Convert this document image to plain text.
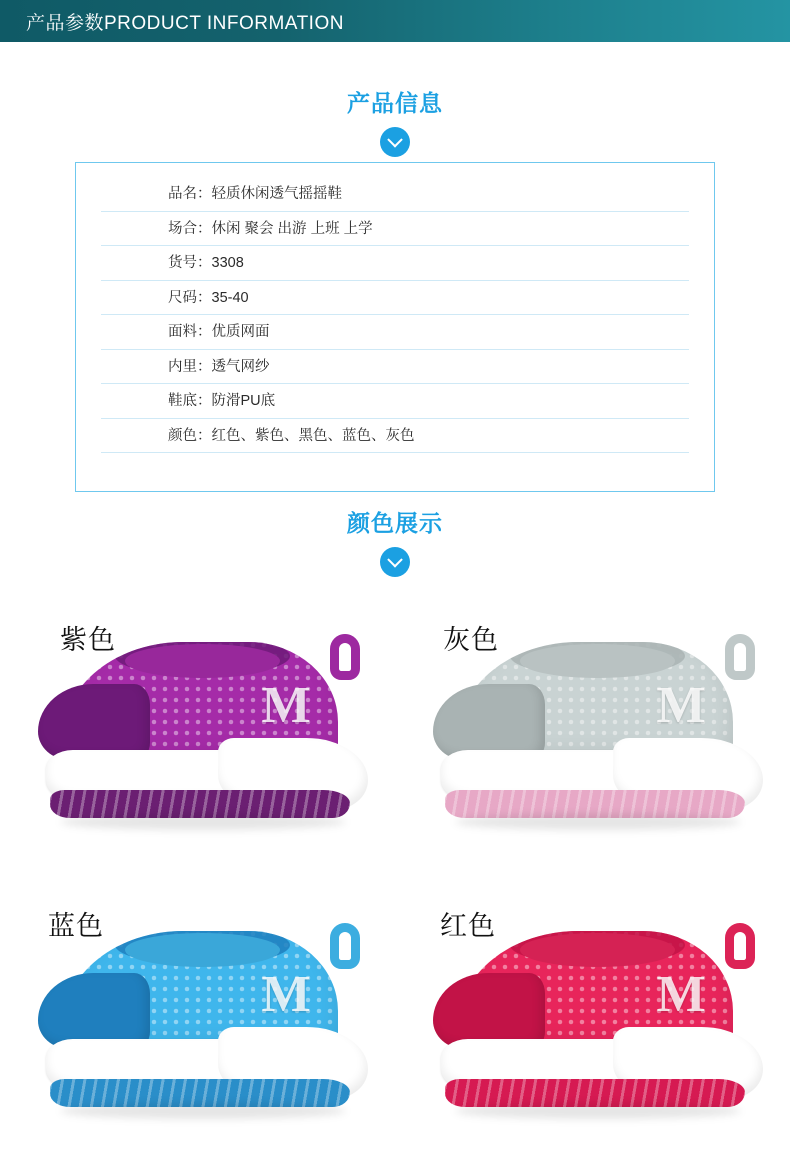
产品参数PRODUCT INFORMATION
产品信息
品名：轻质休闲透气摇摇鞋
场合：休闲 聚会 出游 上班 上学
货号：3308
尺码：35-40
面料：优质网面
内里：透气网纱
鞋底：防滑PU底
颜色：红色、紫色、黑色、蓝色、灰色
颜色展示
紫色
M
灰色
M
蓝色
M
红色
M
